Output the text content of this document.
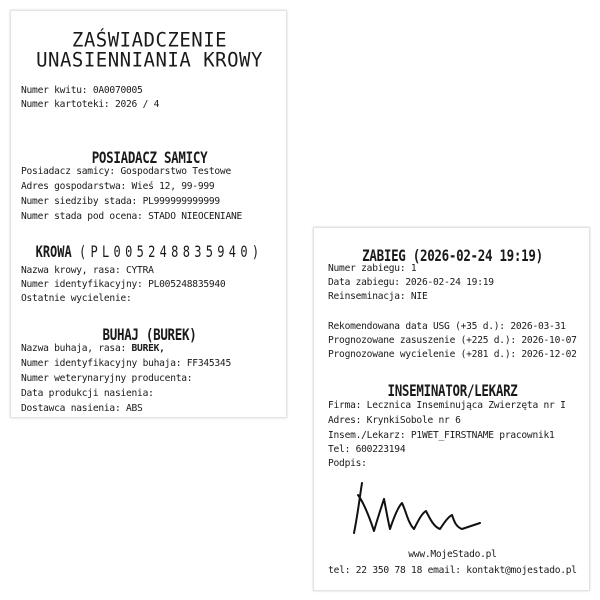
ZAŚWIADCZENIE
UNASIENNIANIA KROWY
Numer kwitu: 0A0070005
Numer kartoteki: 2026 / 4
POSIADACZ SAMICY
Posiadacz samicy: Gospodarstwo Testowe
Adres gospodarstwa: Wieś 12, 99-999
Numer siedziby stada: PL999999999999
Numer stada pod ocena: STADO NIEOCENIANE
KROWA (PL005248835940)
Nazwa krowy, rasa: CYTRA
Numer identyfikacyjny: PL005248835940
Ostatnie wycielenie:
BUHAJ (BUREK)
Nazwa buhaja, rasa: BUREK,
Numer identyfikacyjny buhaja: FF345345
Numer weterynaryjny producenta:
Data produkcji nasienia:
Dostawca nasienia: ABS
ZABIEG (2026-02-24 19:19)
Numer zabiegu: 1
Data zabiegu: 2026-02-24 19:19
Reinseminacja: NIE
Rekomendowana data USG (+35 d.): 2026-03-31
Prognozowane zasuszenie (+225 d.): 2026-10-07
Prognozowane wycielenie (+281 d.): 2026-12-02
INSEMINATOR/LEKARZ
Firma: Lecznica Inseminująca Zwierzęta nr I
Adres: KrynkiSobole nr 6
Insem./Lekarz: P1WET_FIRSTNAME pracownik1
Tel: 600223194
Podpis:
www.MojeStado.pl
tel: 22 350 78 18 email: kontakt@mojestado.pl
